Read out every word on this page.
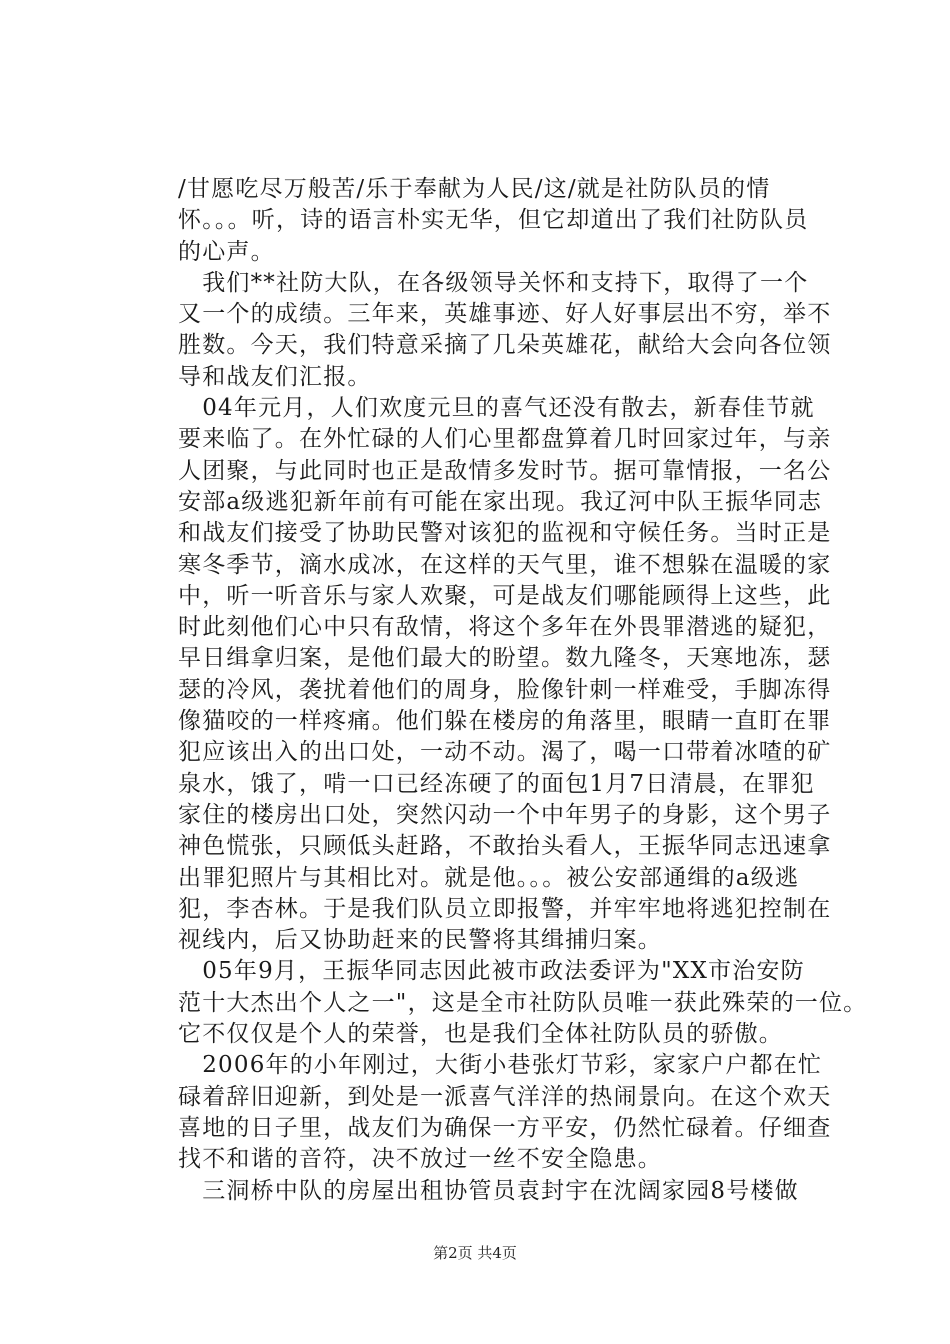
/甘愿吃尽万般苦/乐于奉献为人民/这/就是社防队员的情
怀。。。听，诗的语言朴实无华，但它却道出了我们社防队员
的心声。
　我们**社防大队，在各级领导关怀和支持下，取得了一个
又一个的成绩。三年来，英雄事迹、好人好事层出不穷，举不
胜数。今天，我们特意采摘了几朵英雄花，献给大会向各位领
导和战友们汇报。
　04年元月，人们欢度元旦的喜气还没有散去，新春佳节就
要来临了。在外忙碌的人们心里都盘算着几时回家过年，与亲
人团聚，与此同时也正是敌情多发时节。据可靠情报，一名公
安部a级逃犯新年前有可能在家出现。我辽河中队王振华同志
和战友们接受了协助民警对该犯的监视和守候任务。当时正是
寒冬季节，滴水成冰，在这样的天气里，谁不想躲在温暖的家
中，听一听音乐与家人欢聚，可是战友们哪能顾得上这些，此
时此刻他们心中只有敌情，将这个多年在外畏罪潜逃的疑犯，
早日缉拿归案，是他们最大的盼望。数九隆冬，天寒地冻，瑟
瑟的冷风，袭扰着他们的周身，脸像针刺一样难受，手脚冻得
像猫咬的一样疼痛。他们躲在楼房的角落里，眼睛一直盯在罪
犯应该出入的出口处，一动不动。渴了，喝一口带着冰喳的矿
泉水，饿了，啃一口已经冻硬了的面包1月7日清晨，在罪犯
家住的楼房出口处，突然闪动一个中年男子的身影，这个男子
神色慌张，只顾低头赶路，不敢抬头看人，王振华同志迅速拿
出罪犯照片与其相比对。就是他。。。被公安部通缉的a级逃
犯，李杏林。于是我们队员立即报警，并牢牢地将逃犯控制在
视线内，后又协助赶来的民警将其缉捕归案。
　05年9月，王振华同志因此被市政法委评为"XX市治安防
范十大杰出个人之一"，这是全市社防队员唯一获此殊荣的一位。
它不仅仅是个人的荣誉，也是我们全体社防队员的骄傲。
　2006年的小年刚过，大街小巷张灯节彩，家家户户都在忙
碌着辞旧迎新，到处是一派喜气洋洋的热闹景向。在这个欢天
喜地的日子里，战友们为确保一方平安，仍然忙碌着。仔细查
找不和谐的音符，决不放过一丝不安全隐患。
　三洞桥中队的房屋出租协管员袁封宇在沈阔家园8号楼做
第2页 共4页
